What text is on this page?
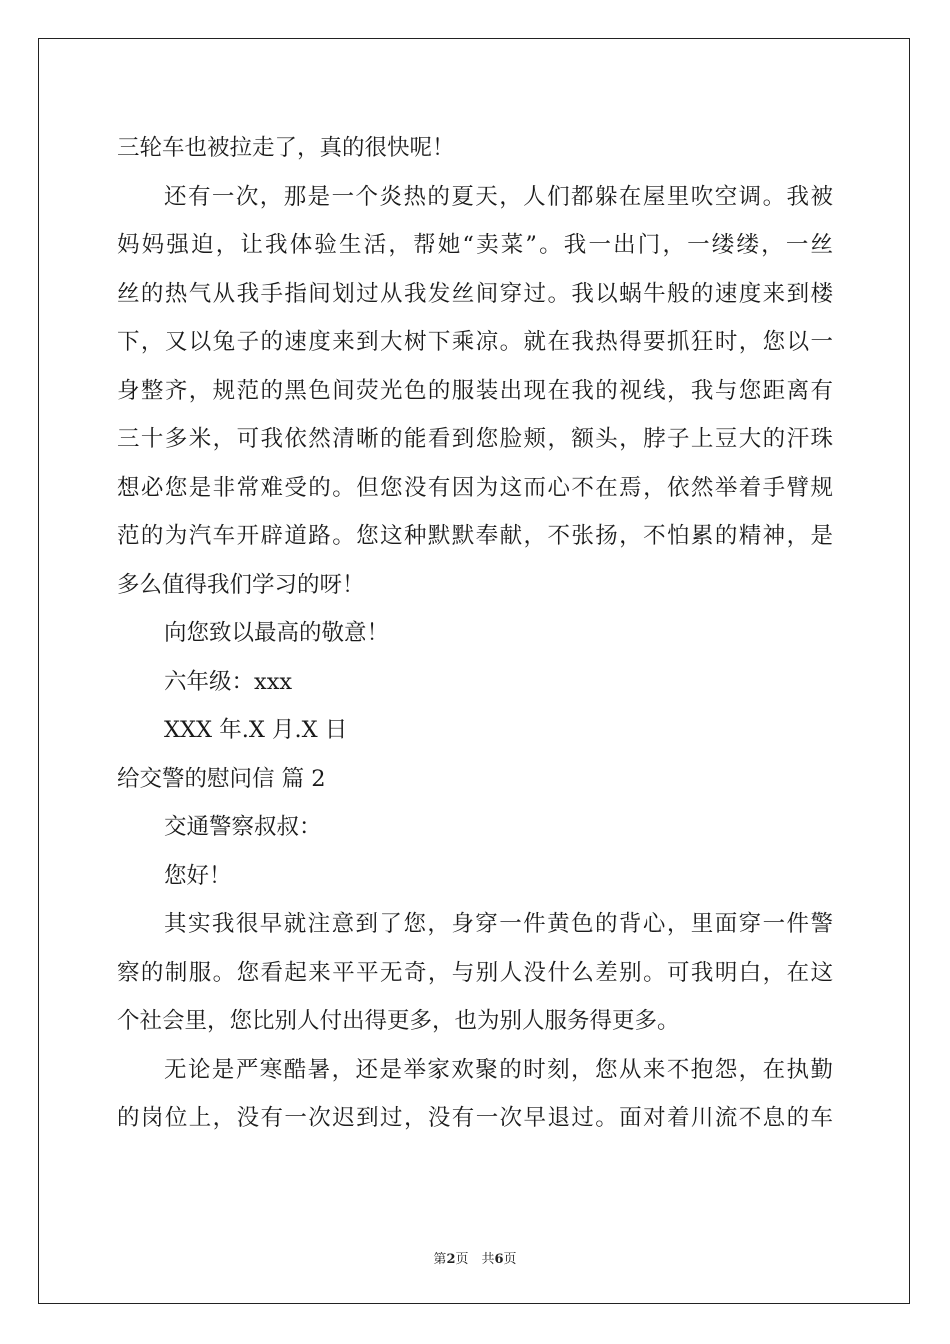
三轮车也被拉走了，真的很快呢！
还有一次，那是一个炎热的夏天，人们都躲在屋里吹空调。我被
妈妈强迫，让我体验生活，帮她“卖菜”。我一出门，一缕缕，一丝
丝的热气从我手指间划过从我发丝间穿过。我以蜗牛般的速度来到楼
下，又以兔子的速度来到大树下乘凉。就在我热得要抓狂时，您以一
身整齐，规范的黑色间荧光色的服装出现在我的视线，我与您距离有
三十多米，可我依然清晰的能看到您脸颊，额头，脖子上豆大的汗珠
想必您是非常难受的。但您没有因为这而心不在焉，依然举着手臂规
范的为汽车开辟道路。您这种默默奉献，不张扬，不怕累的精神，是
多么值得我们学习的呀！
向您致以最高的敬意！
六年级：xxx
XXX 年.X 月.X 日
给交警的慰问信 篇 2
交通警察叔叔：
您好！
其实我很早就注意到了您，身穿一件黄色的背心，里面穿一件警
察的制服。您看起来平平无奇，与别人没什么差别。可我明白，在这
个社会里，您比别人付出得更多，也为别人服务得更多。
无论是严寒酷暑，还是举家欢聚的时刻，您从来不抱怨，在执勤
的岗位上，没有一次迟到过，没有一次早退过。面对着川流不息的车
第2页　共6页
